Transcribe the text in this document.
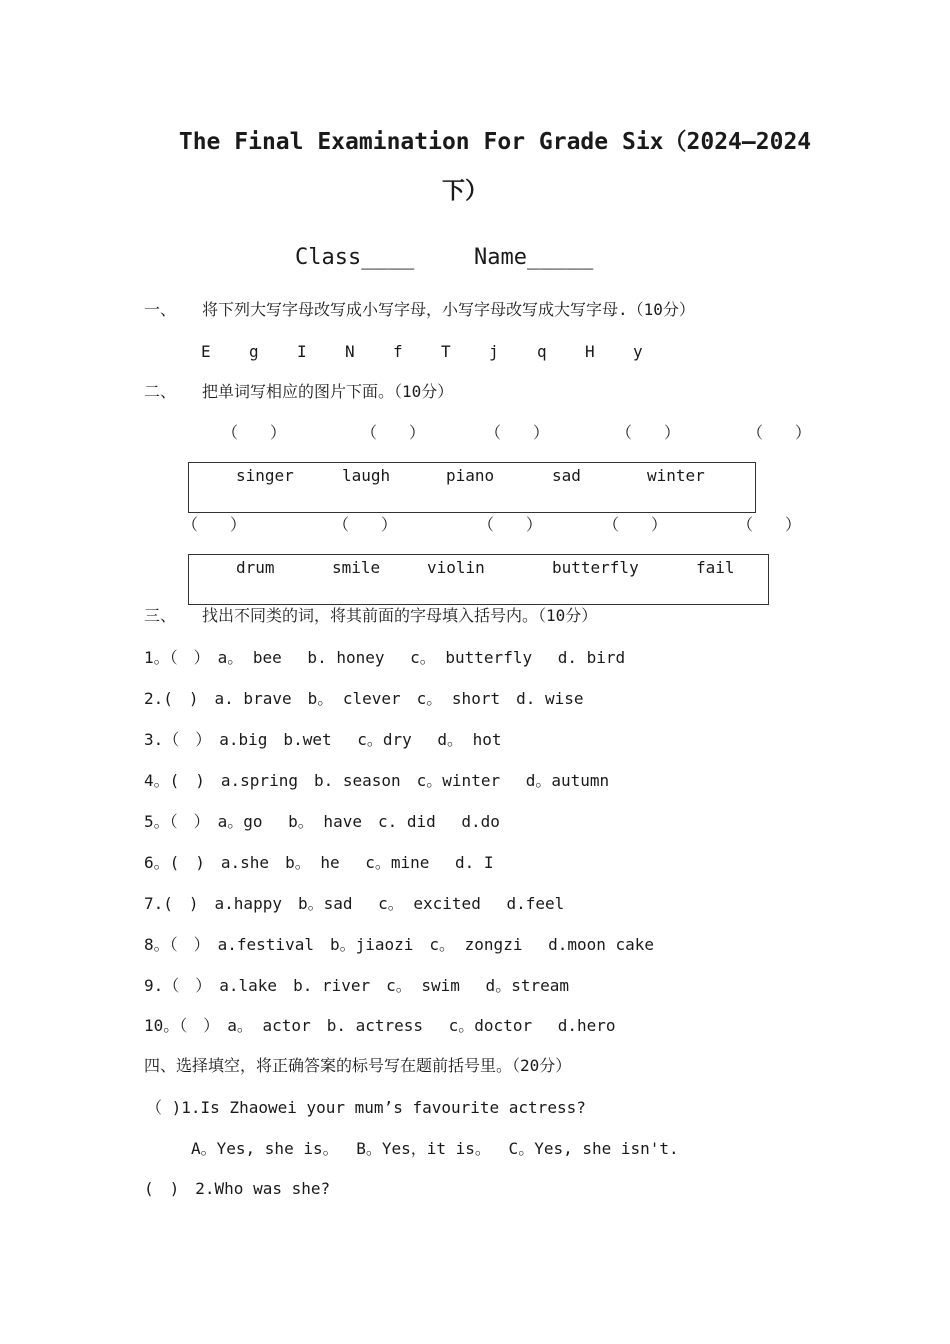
The Final Examination For Grade Six（2024—2024
下）
Class____	Name_____
一、 将下列大写字母改写成小写字母，小写字母改写成大写字母.（10分）
E g I N f T j q H y
二、 把单词写相应的图片下面。（10分）
（　　）	（　　）	（　　）	（　　）	（　　）
singer	laugh	piano	sad	winter
（　　）	（　　）	（　　）	（　　）	（　　）
drum	smile	violin	butterfly	fail
三、 找出不同类的词，将其前面的字母填入括号内。（10分）
1。（　）　a。 bee　 b. honey　 c。 butterfly　 d. bird
2.(　)　a. brave　b。 clever　c。 short　d. wise
3.（　）　a.big　b.wet　 c。dry　 d。 hot
4。(　)　a.spring　b. season　c。winter　 d。autumn
5。（　）　a。go　 b。 have　c. did　 d.do
6。(　)　a.she　b。 he　 c。mine　 d. I
7.(　)　a.happy　b。sad　 c。 excited　 d.feel
8。（　）　a.festival　b。jiaozi　c。 zongzi　 d.moon cake
9.（　）　a.lake　b. river　c。 swim　 d。stream
10。（　）　a。 actor　b. actress　 c。doctor　 d.hero
四、选择填空，将正确答案的标号写在题前括号里。（20分）
（ )1.Is Zhaowei your mum’s favourite actress?
A。Yes, she is。　 B。Yes，it is。　 C。Yes, she isn't.
(　)　2.Who was she?
